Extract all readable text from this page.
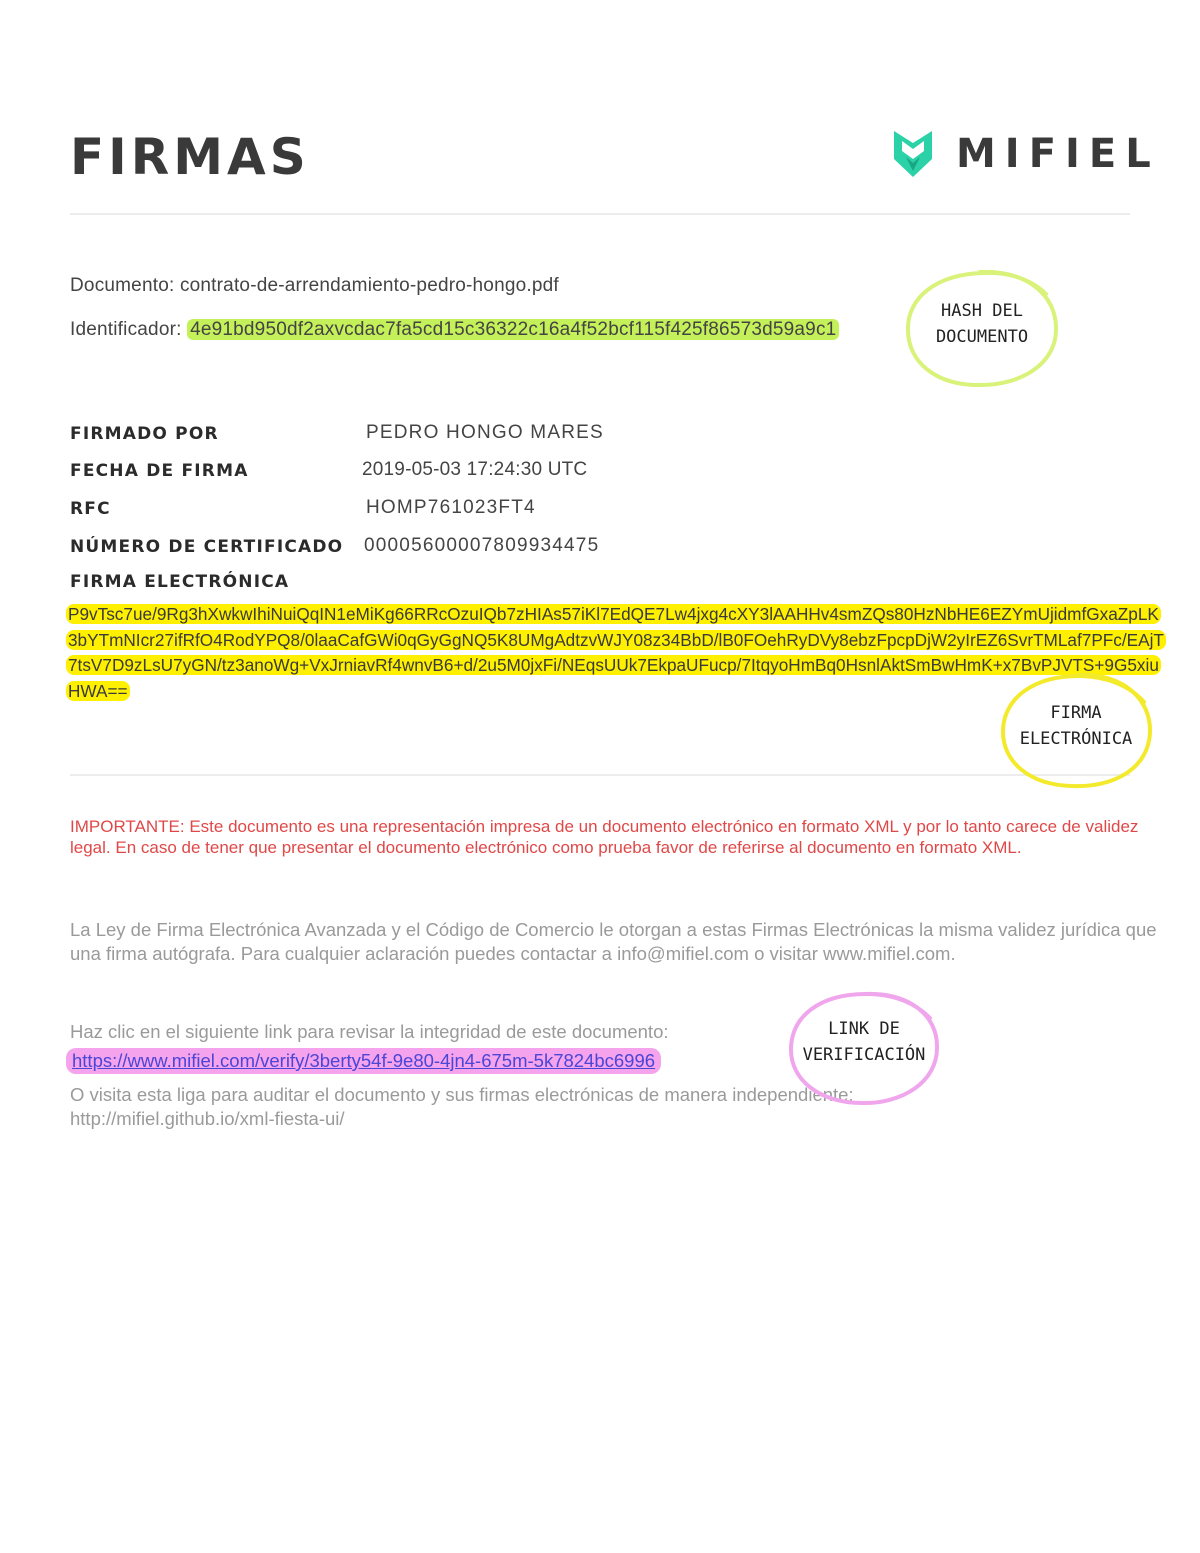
FIRMAS	MIFIEL
Documento: contrato-de-arrendamiento-pedro-hongo.pdf
Identificador: 4e91bd950df2axvcdac7fa5cd15c36322c16a4f52bcf115f425f86573d59a9c1
FIRMADO POR	PEDRO HONGO MARES
FECHA DE FIRMA	2019-05-03 17:24:30 UTC
RFC	HOMP761023FT4
NÚMERO DE CERTIFICADO 00005600007809934475
FIRMA ELECTRÓNICA
P9vTsc7ue/9Rg3hXwkwIhiNuiQqIN1eMiKg66RRcOzuIQb7zHIAs57iKl7EdQE7Lw4jxg4cXY3lAAHHv4smZQs80HzNbHE6EZYmUjidmfGxaZpLK3bYTmNIcr27ifRfO4RodYPQ8/0laaCafGWi0qGyGgNQ5K8UMgAdtzvWJY08z34BbD/lB0FOehRyDVy8ebzFpcpDjW2yIrEZ6SvrTMLaf7PFc/EAjT7tsV7D9zLsU7yGN/tz3anoWg+VxJrniavRf4wnvB6+d/2u5M0jxFi/NEqsUUk7EkpaUFucp/7ItqyoHmBq0HsnlAktSmBwHmK+x7BvPJVTS+9G5xiuHWA==
IMPORTANTE: Este documento es una representación impresa de un documento electrónico en formato XML y por lo tanto carece de validez legal. En caso de tener que presentar el documento electrónico como prueba favor de referirse al documento en formato XML.
La Ley de Firma Electrónica Avanzada y el Código de Comercio le otorgan a estas Firmas Electrónicas la misma validez jurídica que una firma autógrafa. Para cualquier aclaración puedes contactar a info@mifiel.com o visitar www.mifiel.com.
Haz clic en el siguiente link para revisar la integridad de este documento:
https://www.mifiel.com/verify/3berty54f-9e80-4jn4-675m-5k7824bc6996
O visita esta liga para auditar el documento y sus firmas electrónicas de manera independiente:
http://mifiel.github.io/xml-fiesta-ui/
HASH DEL
DOCUMENTO
FIRMA
ELECTRÓNICA
LINK DE
VERIFICACIÓN
